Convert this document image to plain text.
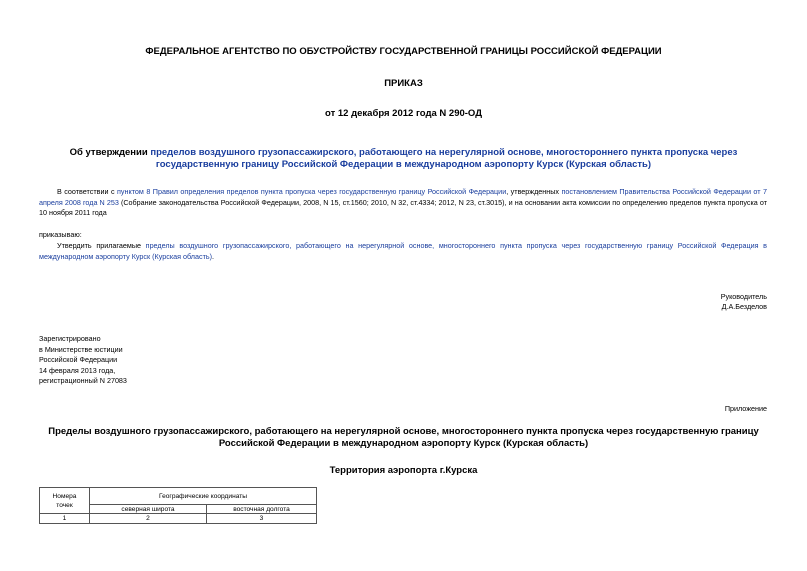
ФЕДЕРАЛЬНОЕ АГЕНТСТВО ПО ОБУСТРОЙСТВУ ГОСУДАРСТВЕННОЙ ГРАНИЦЫ РОССИЙСКОЙ ФЕДЕРАЦИИ
ПРИКАЗ
от 12 декабря 2012 года N 290-ОД
Об утверждении пределов воздушного грузопассажирского, работающего на нерегулярной основе, многостороннего пункта пропуска через государственную границу Российской Федерации в международном аэропорту Курск (Курская область)
В соответствии с пунктом 8 Правил определения пределов пункта пропуска через государственную границу Российской Федерации, утвержденных постановлением Правительства Российской Федерации от 7 апреля 2008 года N 253 (Собрание законодательства Российской Федерации, 2008, N 15, ст.1560; 2010, N 32, ст.4334; 2012, N 23, ст.3015), и на основании акта комиссии по определению пределов пункта пропуска от 10 ноября 2011 года
приказываю:
Утвердить прилагаемые пределы воздушного грузопассажирского, работающего на нерегулярной основе, многостороннего пункта пропуска через государственную границу Российской Федерация в международном аэропорту Курск (Курская область).
Руководитель
Д.А.Безделов
Зарегистрировано
в Министерстве юстиции
Российской Федерации
14 февраля 2013 года,
регистрационный N 27083
Приложение
Пределы воздушного грузопассажирского, работающего на нерегулярной основе, многостороннего пункта пропуска через государственную границу Российской Федерации в международном аэропорту Курск (Курская область)
Территория аэропорта г.Курска
Номера
точек	Географические координаты	
	северная широта	восточная долгота
1	2	3
